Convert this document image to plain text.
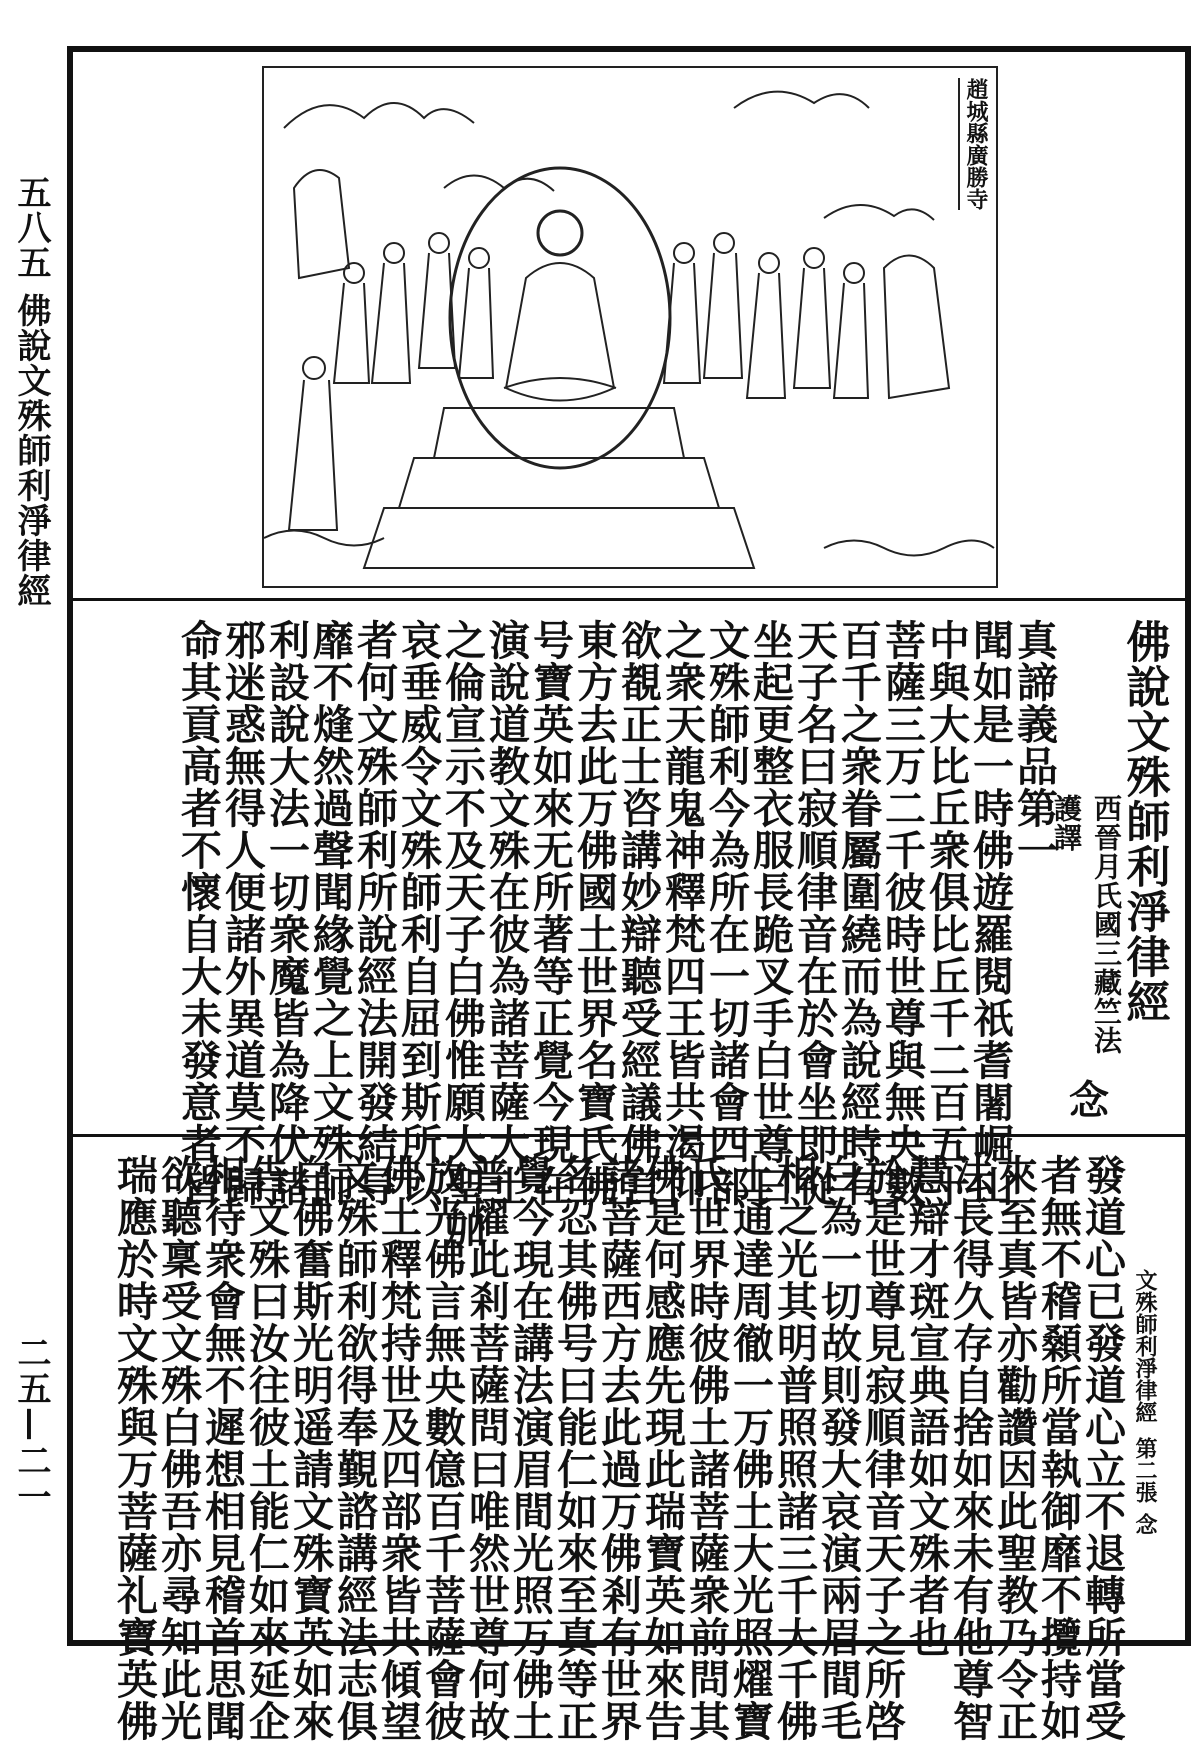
五八五 佛說文殊師利淨律經
二五—二一
趙城縣廣勝寺
佛說文殊師利淨律經
西晉月氏國三藏竺法護譯
念
真諦義品第一
聞如是一時佛遊羅閱祇耆闍崛山
中與大比丘衆俱比丘千二百五十
菩薩三万二千彼時世尊與無央數
百千之衆眷屬圍繞而為說經時有
天子名曰寂順律音在於會坐即從
坐起更整衣服長跪叉手白世尊曰
文殊師利今為所在一切諸會四部
之衆天龍鬼神釋梵四王皆共渴仰
欲覩正士咨講妙辯聽受經議佛言
東方去此万佛國土世界名寶氏佛
号寶英如來无所著等正覺今現在
演說道教文殊在彼為諸菩薩大士
之倫宣示不及天子白佛惟願大聖加
哀垂威令文殊師利自屈到斯所以
者何文殊師利所說經法開發結㝵
靡不熢然過聲聞緣覺之上文殊師
利設說大法一切衆魔皆為降伏諸
邪迷惑無得人便諸外異道莫不歸
命其貢高者不懷自大未發意者皆
文殊師利淨律經
第二張
念
發道心已發道心立不退轉所當受
者無不稽顙所當執御靡不攬持如
來至真皆亦勸讚因此聖教乃令正
法長得久存自捨如來未有他尊智
慧辯才斑宣典語如文殊者也
於是世尊見寂順律音天子之所啓
白為一切故則發大哀演兩眉間毛
相之光其明普照照諸三千大千佛
土通達周徹一万佛土大光照燿寶
氏世界時彼佛土諸菩薩衆前問其
佛是何感應先現此瑞寶英如來告
諸菩薩西方去此過万佛剎有世界
名忍其佛号曰能仁如來至真等正
覺今現在講法演眉間光照万佛土
普燿此剎菩薩問曰唯然世尊何故
放光佛言無央數億百千菩薩會彼
佛土釋梵持世及四部衆皆共傾望
文殊師利欲得奉覲諮講經法志俱
白佛奮斯光明遥請文殊寶英如來
告文殊曰汝往彼土能仁如來延企
相待衆會無不遲想相見稽首思聞
欲聽稟受文殊白佛吾亦尋知此光
瑞應於時文殊與万菩薩礼寶英佛
